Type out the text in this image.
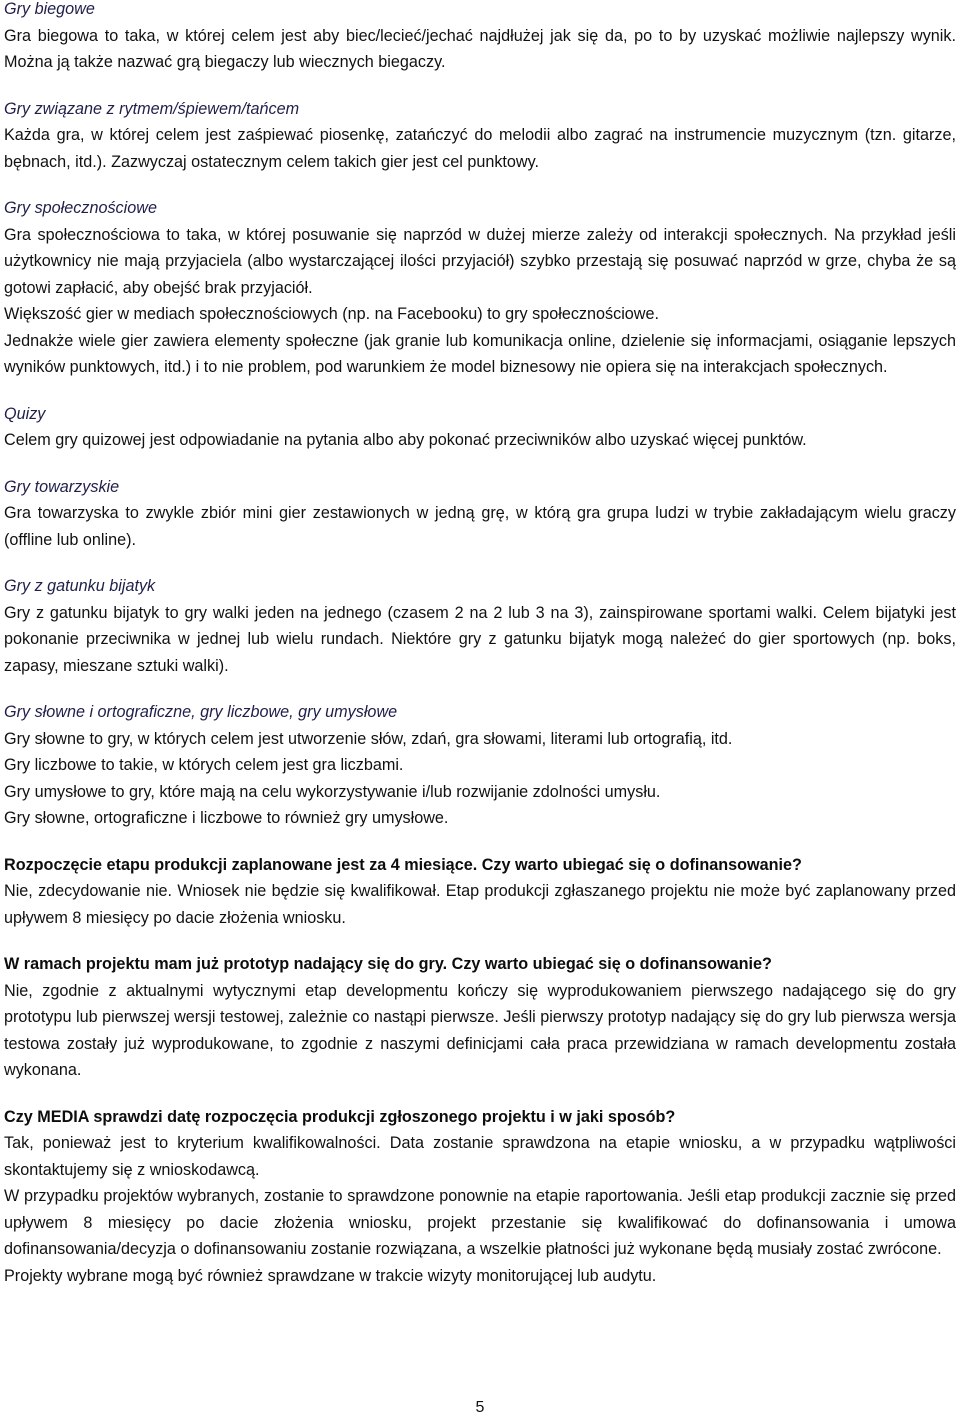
Gry biegowe

Gra biegowa to taka, w której celem jest aby biec/lecieć/jechać najdłużej jak się da, po to by uzyskać możliwie najlepszy wynik. Można ją także nazwać grą biegaczy lub wiecznych biegaczy.

Gry związane z rytmem/śpiewem/tańcem

Każda gra, w której celem jest zaśpiewać piosenkę, zatańczyć do melodii albo zagrać na instrumencie muzycznym (tzn. gitarze, bębnach, itd.). Zazwyczaj ostatecznym celem takich gier jest cel punktowy.

Gry społecznościowe

Gra społecznościowa to taka, w której posuwanie się naprzód w dużej mierze zależy od interakcji społecznych. Na przykład jeśli użytkownicy nie mają przyjaciela (albo wystarczającej ilości przyjaciół) szybko przestają się posuwać naprzód w grze, chyba że są gotowi zapłacić, aby obejść brak przyjaciół.

Większość gier w mediach społecznościowych (np. na Facebooku) to gry społecznościowe.

Jednakże wiele gier zawiera elementy społeczne (jak granie lub komunikacja online, dzielenie się informacjami, osiąganie lepszych wyników punktowych, itd.) i to nie problem, pod warunkiem że model biznesowy nie opiera się na interakcjach społecznych.

Quizy

Celem gry quizowej jest odpowiadanie na pytania albo aby pokonać przeciwników albo uzyskać więcej punktów.

Gry towarzyskie

Gra towarzyska to zwykle zbiór mini gier zestawionych w jedną grę, w którą gra grupa ludzi w trybie zakładającym wielu graczy (offline lub online).

Gry z gatunku bijatyk

Gry z gatunku bijatyk to gry walki jeden na jednego (czasem 2 na 2 lub 3 na 3), zainspirowane sportami walki. Celem bijatyki jest pokonanie przeciwnika w jednej lub wielu rundach. Niektóre gry z gatunku bijatyk mogą należeć do gier sportowych (np. boks, zapasy, mieszane sztuki walki).

Gry słowne i ortograficzne, gry liczbowe, gry umysłowe

Gry słowne to gry, w których celem jest utworzenie słów, zdań, gra słowami, literami lub ortografią, itd.

Gry liczbowe to takie, w których celem jest gra liczbami.

Gry umysłowe to gry, które mają na celu wykorzystywanie i/lub rozwijanie zdolności umysłu.

Gry słowne, ortograficzne i liczbowe to również gry umysłowe.

Rozpoczęcie etapu produkcji zaplanowane jest za 4 miesiące. Czy warto ubiegać się o dofinansowanie?

Nie, zdecydowanie nie. Wniosek nie będzie się kwalifikował. Etap produkcji zgłaszanego projektu nie może być zaplanowany przed upływem 8 miesięcy po dacie złożenia wniosku.

W ramach projektu mam już prototyp nadający się do gry. Czy warto ubiegać się o dofinansowanie?

Nie, zgodnie z aktualnymi wytycznymi etap developmentu kończy się wyprodukowaniem pierwszego nadającego się do gry prototypu lub pierwszej wersji testowej, zależnie co nastąpi pierwsze. Jeśli pierwszy prototyp nadający się do gry lub pierwsza wersja testowa zostały już wyprodukowane, to zgodnie z naszymi definicjami cała praca przewidziana w ramach developmentu została wykonana.

Czy MEDIA sprawdzi datę rozpoczęcia produkcji zgłoszonego projektu i w jaki sposób?

Tak, ponieważ jest to kryterium kwalifikowalności. Data zostanie sprawdzona na etapie wniosku, a w przypadku wątpliwości skontaktujemy się z wnioskodawcą.

W przypadku projektów wybranych, zostanie to sprawdzone ponownie na etapie raportowania. Jeśli etap produkcji zacznie się przed upływem 8 miesięcy po dacie złożenia wniosku, projekt przestanie się kwalifikować do dofinansowania i umowa dofinansowania/decyzja o dofinansowaniu zostanie rozwiązana, a wszelkie płatności już wykonane będą musiały zostać zwrócone.

Projekty wybrane mogą być również sprawdzane w trakcie wizyty monitorującej lub audytu.

5
